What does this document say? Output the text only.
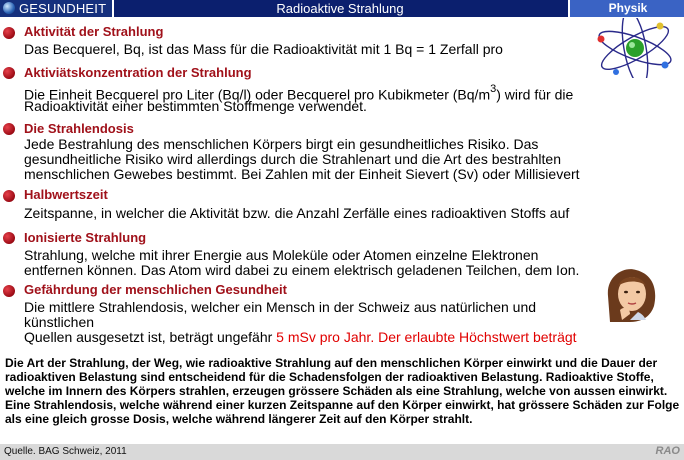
GESUNDHEIT	Radioaktive Strahlung	Physik
Aktivität der Strahlung
Das Becquerel, Bq, ist das Mass für die Radioaktivität mit 1 Bq = 1 Zerfall pro
Aktiviätskonzentration der Strahlung
Die Einheit Becquerel pro Liter (Bq/l) oder Becquerel pro Kubikmeter $(Bq/m^3)$ wird für die
Radioaktivität einer bestimmten Stoffmenge verwendet.
Die Strahlendosis
Jede Bestrahlung des menschlichen Körpers birgt ein gesundheitliches Risiko. Das
gesundheitliche Risiko wird allerdings durch die Strahlenart und die Art des bestrahlten
menschlichen Gewebes bestimmt. Bei Zahlen mit der Einheit Sievert (Sv) oder Millisievert
Halbwertszeit
Zeitspanne, in welcher die Aktivität bzw. die Anzahl Zerfälle eines radioaktiven Stoffs auf
Ionisierte Strahlung
Strahlung, welche mit ihrer Energie aus Moleküle oder Atomen einzelne Elektronen
entfernen können. Das Atom wird dabei zu einem elektrisch geladenen Teilchen, dem Ion.
Gefährdung der menschlichen Gesundheit
Die mittlere Strahlendosis, welcher ein Mensch in der Schweiz aus natürlichen und
künstlichen
Quellen ausgesetzt ist, beträgt ungefähr 5 mSv pro Jahr. Der erlaubte Höchstwert beträgt
Die Art der Strahlung, der Weg, wie radioaktive Strahlung auf den menschlichen Körper einwirkt und die Dauer der radioaktiven Belastung sind entscheidend für die Schadensfolgen der radioaktiven Belastung. Radioaktive Stoffe, welche im Innern des Körpers strahlen, erzeugen grössere Schäden als eine Strahlung, welche von aussen einwirkt. Eine Strahlendosis, welche während einer kurzen Zeitspanne auf den Körper einwirkt, hat grössere Schäden zur Folge als eine gleich grosse Dosis, welche während längerer Zeit auf den Körper strahlt.
Quelle. BAG Schweiz, 2011	RAO
